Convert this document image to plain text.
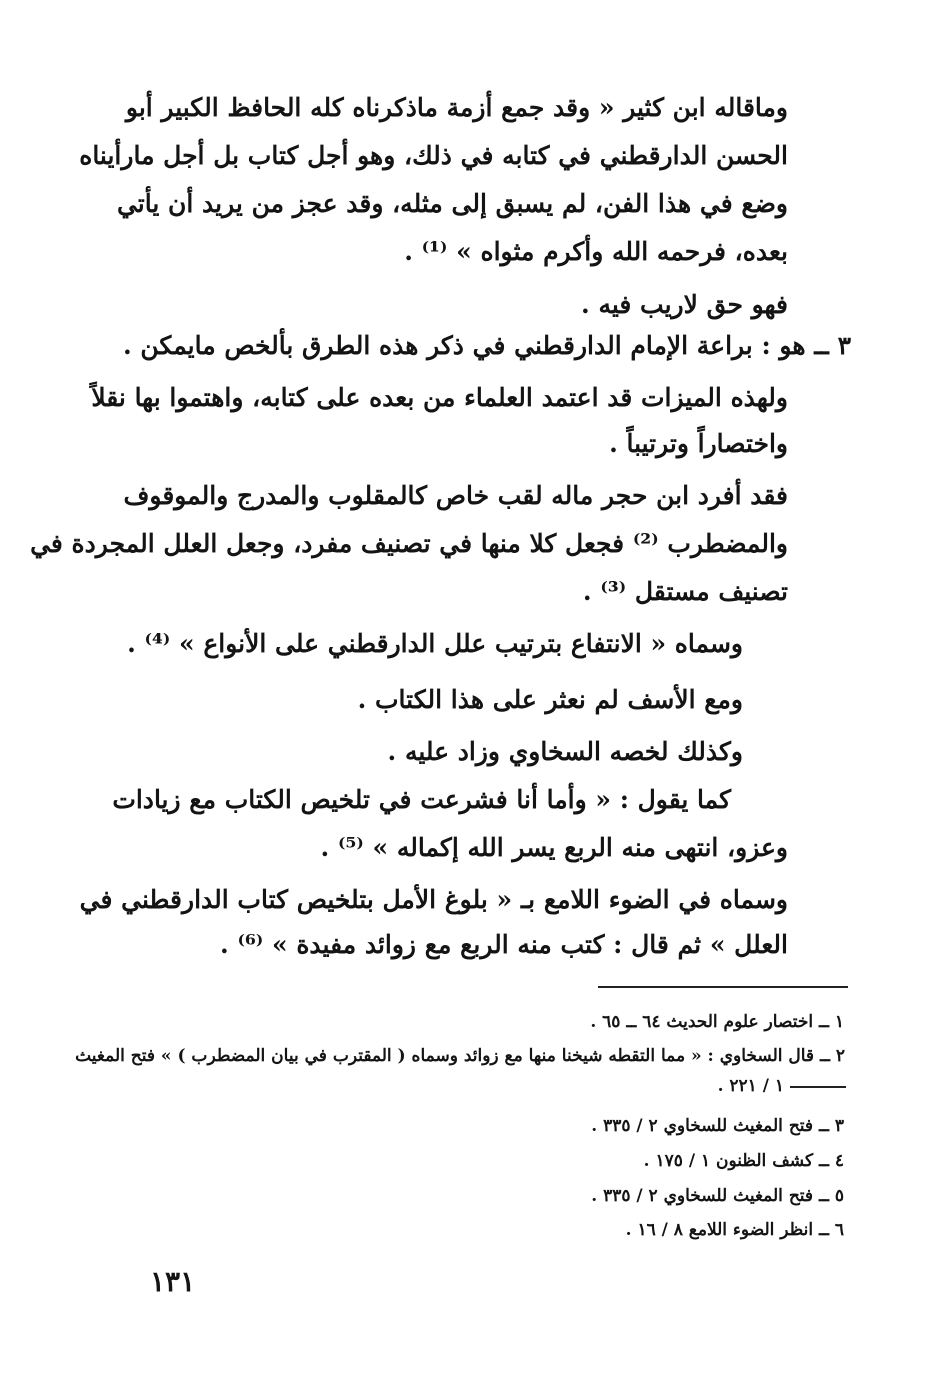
وماقاله ابن كثير « وقد جمع أزمة ماذكرناه كله الحافظ الكبير أبو
الحسن الدارقطني في كتابه في ذلك، وهو أجل كتاب بل أجل مارأيناه
وضع في هذا الفن، لم يسبق إلى مثله، وقد عجز من يريد أن يأتي
بعده، فرحمه الله وأكرم مثواه » ⁽¹⁾ .
فهو حق لاريب فيه .
٣ ــ هو : براعة الإمام الدارقطني في ذكر هذه الطرق بألخص مايمكن .
ولهذه الميزات قد اعتمد العلماء من بعده على كتابه، واهتموا بها نقلاً
واختصاراً وترتيباً .
فقد أفرد ابن حجر ماله لقب خاص كالمقلوب والمدرج والموقوف
والمضطرب ⁽²⁾ فجعل كلا منها في تصنيف مفرد، وجعل العلل المجردة في
تصنيف مستقل ⁽³⁾ .
وسماه « الانتفاع بترتيب علل الدارقطني على الأنواع » ⁽⁴⁾ .
ومع الأسف لم نعثر على هذا الكتاب .
وكذلك لخصه السخاوي وزاد عليه .
كما يقول : « وأما أنا فشرعت في تلخيص الكتاب مع زيادات
وعزو، انتهى منه الربع يسر الله إكماله » ⁽⁵⁾ .
وسماه في الضوء اللامع بـ « بلوغ الأمل بتلخيص كتاب الدارقطني في
العلل » ثم قال : كتب منه الربع مع زوائد مفيدة » ⁽⁶⁾ .
١ ــ اختصار علوم الحديث ٦٤ ــ ٦٥ .
٢ ــ قال السخاوي : « مما التقطه شيخنا منها مع زوائد وسماه ( المقترب في بيان المضطرب ) » فتح المغيث
١ / ٢٢١ .
٣ ــ فتح المغيث للسخاوي ٢ / ٣٣٥ .
٤ ــ كشف الظنون ١ / ١٧٥ .
٥ ــ فتح المغيث للسخاوي ٢ / ٣٣٥ .
٦ ــ انظر الضوء اللامع ٨ / ١٦ .
١٣١
